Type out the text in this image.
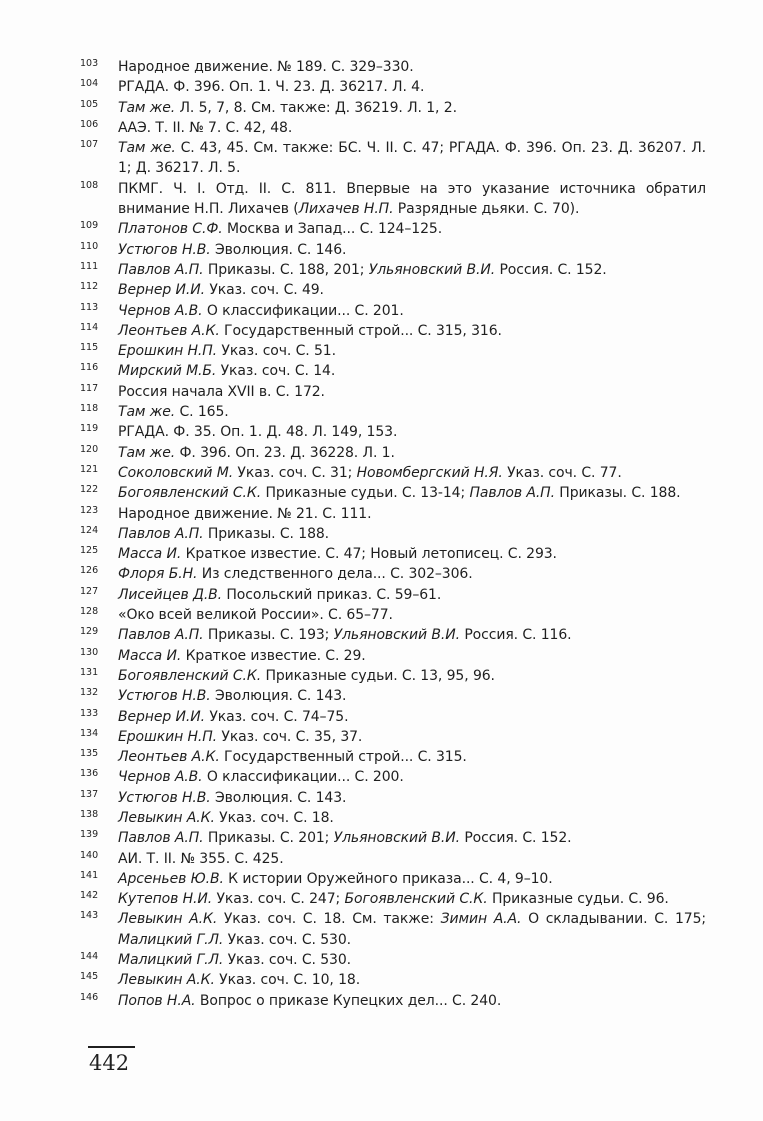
103 Народное движение. № 189. С. 329–330.
104 РГАДА. Ф. 396. Оп. 1. Ч. 23. Д. 36217. Л. 4.
105 Там же. Л. 5, 7, 8. См. также: Д. 36219. Л. 1, 2.
106 ААЭ. Т. II. № 7. С. 42, 48.
107 Там же. С. 43, 45. См. также: БС. Ч. II. С. 47; РГАДА. Ф. 396. Оп. 23. Д. 36207. Л. 1; Д. 36217. Л. 5.
108 ПКМГ. Ч. I. Отд. II. С. 811. Впервые на это указание источника обратил внимание Н.П. Лихачев (Лихачев Н.П. Разрядные дьяки. С. 70).
109 Платонов С.Ф. Москва и Запад... С. 124–125.
110 Устюгов Н.В. Эволюция. С. 146.
111 Павлов А.П. Приказы. С. 188, 201; Ульяновский В.И. Россия. С. 152.
112 Вернер И.И. Указ. соч. С. 49.
113 Чернов А.В. О классификации... С. 201.
114 Леонтьев А.К. Государственный строй... С. 315, 316.
115 Ерошкин Н.П. Указ. соч. С. 51.
116 Мирский М.Б. Указ. соч. С. 14.
117 Россия начала XVII в. С. 172.
118 Там же. С. 165.
119 РГАДА. Ф. 35. Оп. 1. Д. 48. Л. 149, 153.
120 Там же. Ф. 396. Оп. 23. Д. 36228. Л. 1.
121 Соколовский М. Указ. соч. С. 31; Новомбергский Н.Я. Указ. соч. С. 77.
122 Богоявленский С.К. Приказные судьи. С. 13-14; Павлов А.П. Приказы. С. 188.
123 Народное движение. № 21. С. 111.
124 Павлов А.П. Приказы. С. 188.
125 Масса И. Краткое известие. С. 47; Новый летописец. С. 293.
126 Флоря Б.Н. Из следственного дела... С. 302–306.
127 Лисейцев Д.В. Посольский приказ. С. 59–61.
128 «Око всей великой России». С. 65–77.
129 Павлов А.П. Приказы. С. 193; Ульяновский В.И. Россия. С. 116.
130 Масса И. Краткое известие. С. 29.
131 Богоявленский С.К. Приказные судьи. С. 13, 95, 96.
132 Устюгов Н.В. Эволюция. С. 143.
133 Вернер И.И. Указ. соч. С. 74–75.
134 Ерошкин Н.П. Указ. соч. С. 35, 37.
135 Леонтьев А.К. Государственный строй... С. 315.
136 Чернов А.В. О классификации... С. 200.
137 Устюгов Н.В. Эволюция. С. 143.
138 Левыкин А.К. Указ. соч. С. 18.
139 Павлов А.П. Приказы. С. 201; Ульяновский В.И. Россия. С. 152.
140 АИ. Т. II. № 355. С. 425.
141 Арсеньев Ю.В. К истории Оружейного приказа... С. 4, 9–10.
142 Кутепов Н.И. Указ. соч. С. 247; Богоявленский С.К. Приказные судьи. С. 96.
143 Левыкин А.К. Указ. соч. С. 18. См. также: Зимин А.А. О складывании. С. 175; Малицкий Г.Л. Указ. соч. С. 530.
144 Малицкий Г.Л. Указ. соч. С. 530.
145 Левыкин А.К. Указ. соч. С. 10, 18.
146 Попов Н.А. Вопрос о приказе Купецких дел... С. 240.
442
